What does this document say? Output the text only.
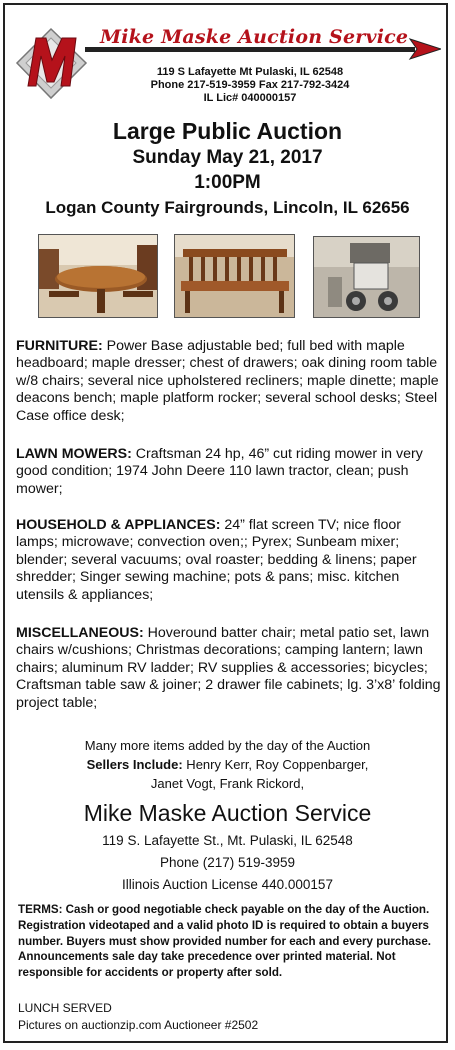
Mike Maske Auction Service
119 S Lafayette Mt Pulaski, IL 62548
Phone 217-519-3959 Fax 217-792-3424
IL Lic# 040000157
Large Public Auction
Sunday May 21, 2017
1:00PM
Logan County Fairgrounds, Lincoln, IL 62656
FURNITURE: Power Base adjustable bed; full bed with maple headboard; maple dresser; chest of drawers; oak dining room table w/8 chairs; several nice upholstered recliners; maple dinette; maple deacons bench; maple platform rocker; several school desks; Steel Case office desk;
LAWN MOWERS: Craftsman 24 hp, 46” cut riding mower in very good condition; 1974 John Deere 110 lawn tractor, clean; push mower;
HOUSEHOLD & APPLIANCES: 24” flat screen TV; nice floor lamps; microwave; convection oven;; Pyrex; Sunbeam mixer; blender; several vacuums; oval roaster; bedding & linens; paper shredder; Singer sewing machine; pots & pans; misc. kitchen utensils & appliances;
MISCELLANEOUS: Hoveround batter chair; metal patio set, lawn chairs w/cushions; Christmas decorations; camping lantern; lawn chairs; aluminum RV ladder; RV supplies & accessories; bicycles; Craftsman table saw & joiner; 2 drawer file cabinets; lg. 3’x8’ folding project table;
Many more items added by the day of the Auction
Sellers Include: Henry Kerr, Roy Coppenbarger,
Janet Vogt, Frank Rickord,
Mike Maske Auction Service
119 S. Lafayette St., Mt. Pulaski, IL 62548
Phone (217) 519-3959
Illinois Auction License 440.000157
TERMS: Cash or good negotiable check payable on the day of the Auction. Registration videotaped and a valid photo ID is required to obtain a buyers number. Buyers must show provided number for each and every purchase. Announcements sale day take precedence over printed material. Not responsible for accidents or property after sold.
LUNCH SERVED
Pictures on auctionzip.com Auctioneer #2502
